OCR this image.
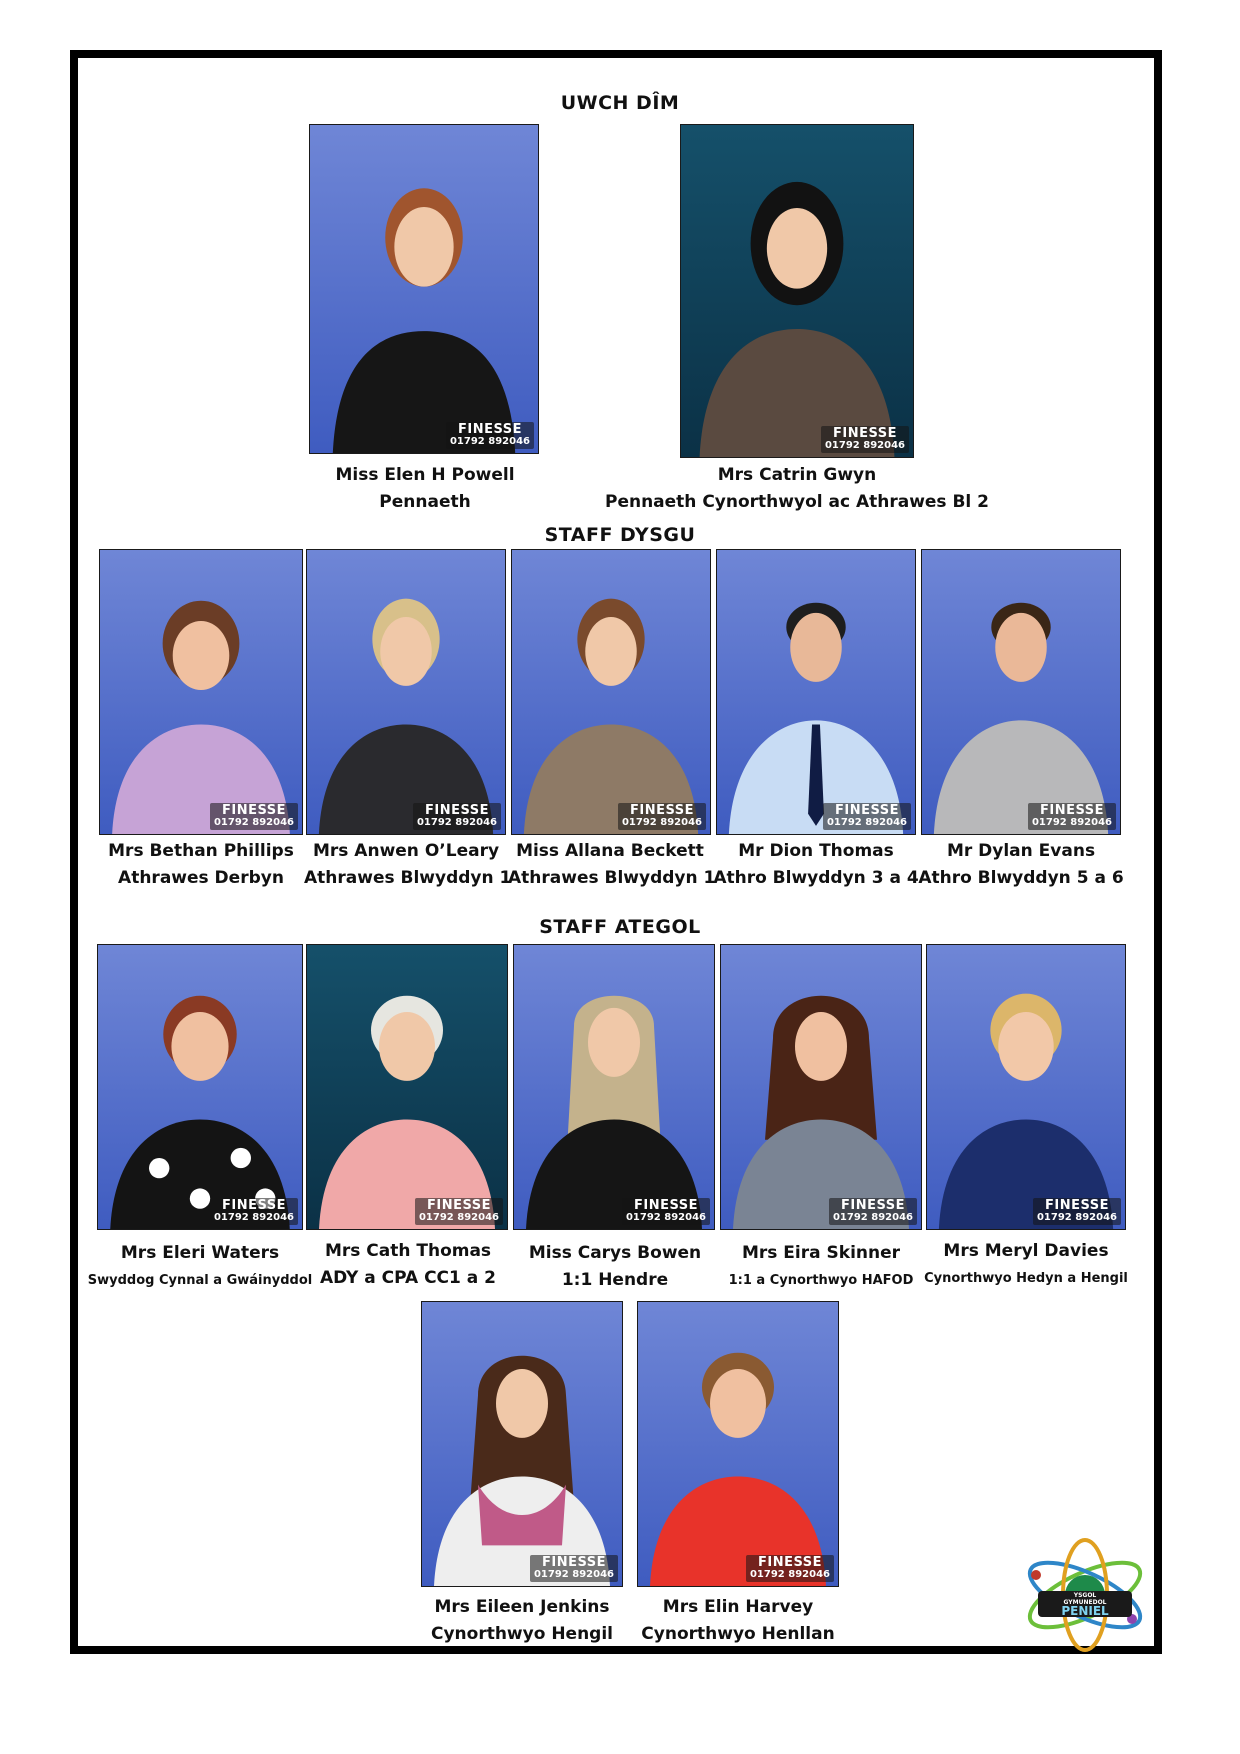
UWCH DÎM
STAFF DYSGU
STAFF ATEGOL
FINESSE
01792 892046
FINESSE
01792 892046
Miss Elen H Powell
Pennaeth
Mrs Catrin Gwyn
Pennaeth Cynorthwyol ac Athrawes Bl 2
FINESSE
01792 892046
FINESSE
01792 892046
FINESSE
01792 892046
FINESSE
01792 892046
FINESSE
01792 892046
Mrs Bethan Phillips
Athrawes Derbyn
Mrs Anwen O’Leary
Athrawes Blwyddyn 1
Miss Allana Beckett
Athrawes Blwyddyn 1
Mr Dion Thomas
Athro Blwyddyn 3 a 4
Mr Dylan Evans
Athro Blwyddyn 5 a 6
FINESSE
01792 892046
FINESSE
01792 892046
FINESSE
01792 892046
FINESSE
01792 892046
FINESSE
01792 892046
Mrs Eleri Waters
Swyddog Cynnal a Gwáinyddol
Mrs Cath Thomas
ADY a CPA CC1 a 2
Miss Carys Bowen
1:1 Hendre
Mrs Eira Skinner
1:1 a Cynorthwyo HAFOD
Mrs Meryl Davies
Cynorthwyo Hedyn a Hengil
FINESSE
01792 892046
FINESSE
01792 892046
Mrs Eileen Jenkins
Cynorthwyo Hengil
Mrs Elin Harvey
Cynorthwyo Henllan
YSGOL
GYMUNEDOL
PENIEL
